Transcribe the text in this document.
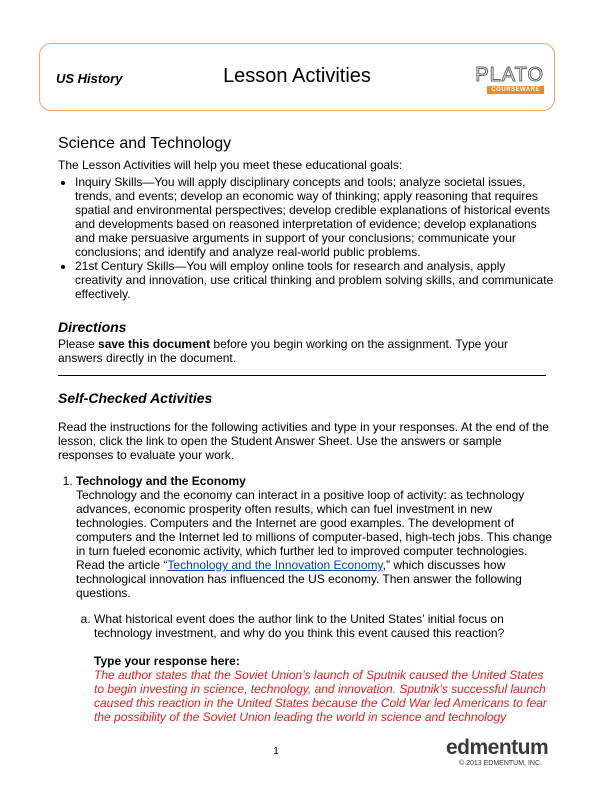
US History	Lesson Activities	PLATO
COURSEWARE
Science and Technology

The Lesson Activities will help you meet these educational goals:

• Inquiry Skills—You will apply disciplinary concepts and tools; analyze societal issues, trends, and events; develop an economic way of thinking; apply reasoning that requires spatial and environmental perspectives; develop credible explanations of historical events and developments based on reasoned interpretation of evidence; develop explanations and make persuasive arguments in support of your conclusions; communicate your conclusions; and identify and analyze real-world public problems.
• 21st Century Skills—You will employ online tools for research and analysis, apply creativity and innovation, use critical thinking and problem solving skills, and communicate effectively.
Directions

Please save this document before you begin working on the assignment. Type your answers directly in the document.

Self-Checked Activities

Read the instructions for the following activities and type in your responses. At the end of the lesson, click the link to open the Student Answer Sheet. Use the answers or sample responses to evaluate your work.

1. Technology and the Economy
Technology and the economy can interact in a positive loop of activity: as technology advances, economic prosperity often results, which can fuel investment in new technologies. Computers and the Internet are good examples. The development of computers and the Internet led to millions of computer-based, high-tech jobs. This change in turn fueled economic activity, which further led to improved computer technologies. Read the article “Technology and the Innovation Economy,” which discusses how technological innovation has influenced the US economy. Then answer the following questions.
a. What historical event does the author link to the United States’ initial focus on technology investment, and why do you think this event caused this reaction?
Type your response here:
The author states that the Soviet Union’s launch of Sputnik caused the United States to begin investing in science, technology, and innovation. Sputnik’s successful launch caused this reaction in the United States because the Cold War led Americans to fear the possibility of the Soviet Union leading the world in science and technology
1	edmentum
© 2013 EDMENTUM, INC.
